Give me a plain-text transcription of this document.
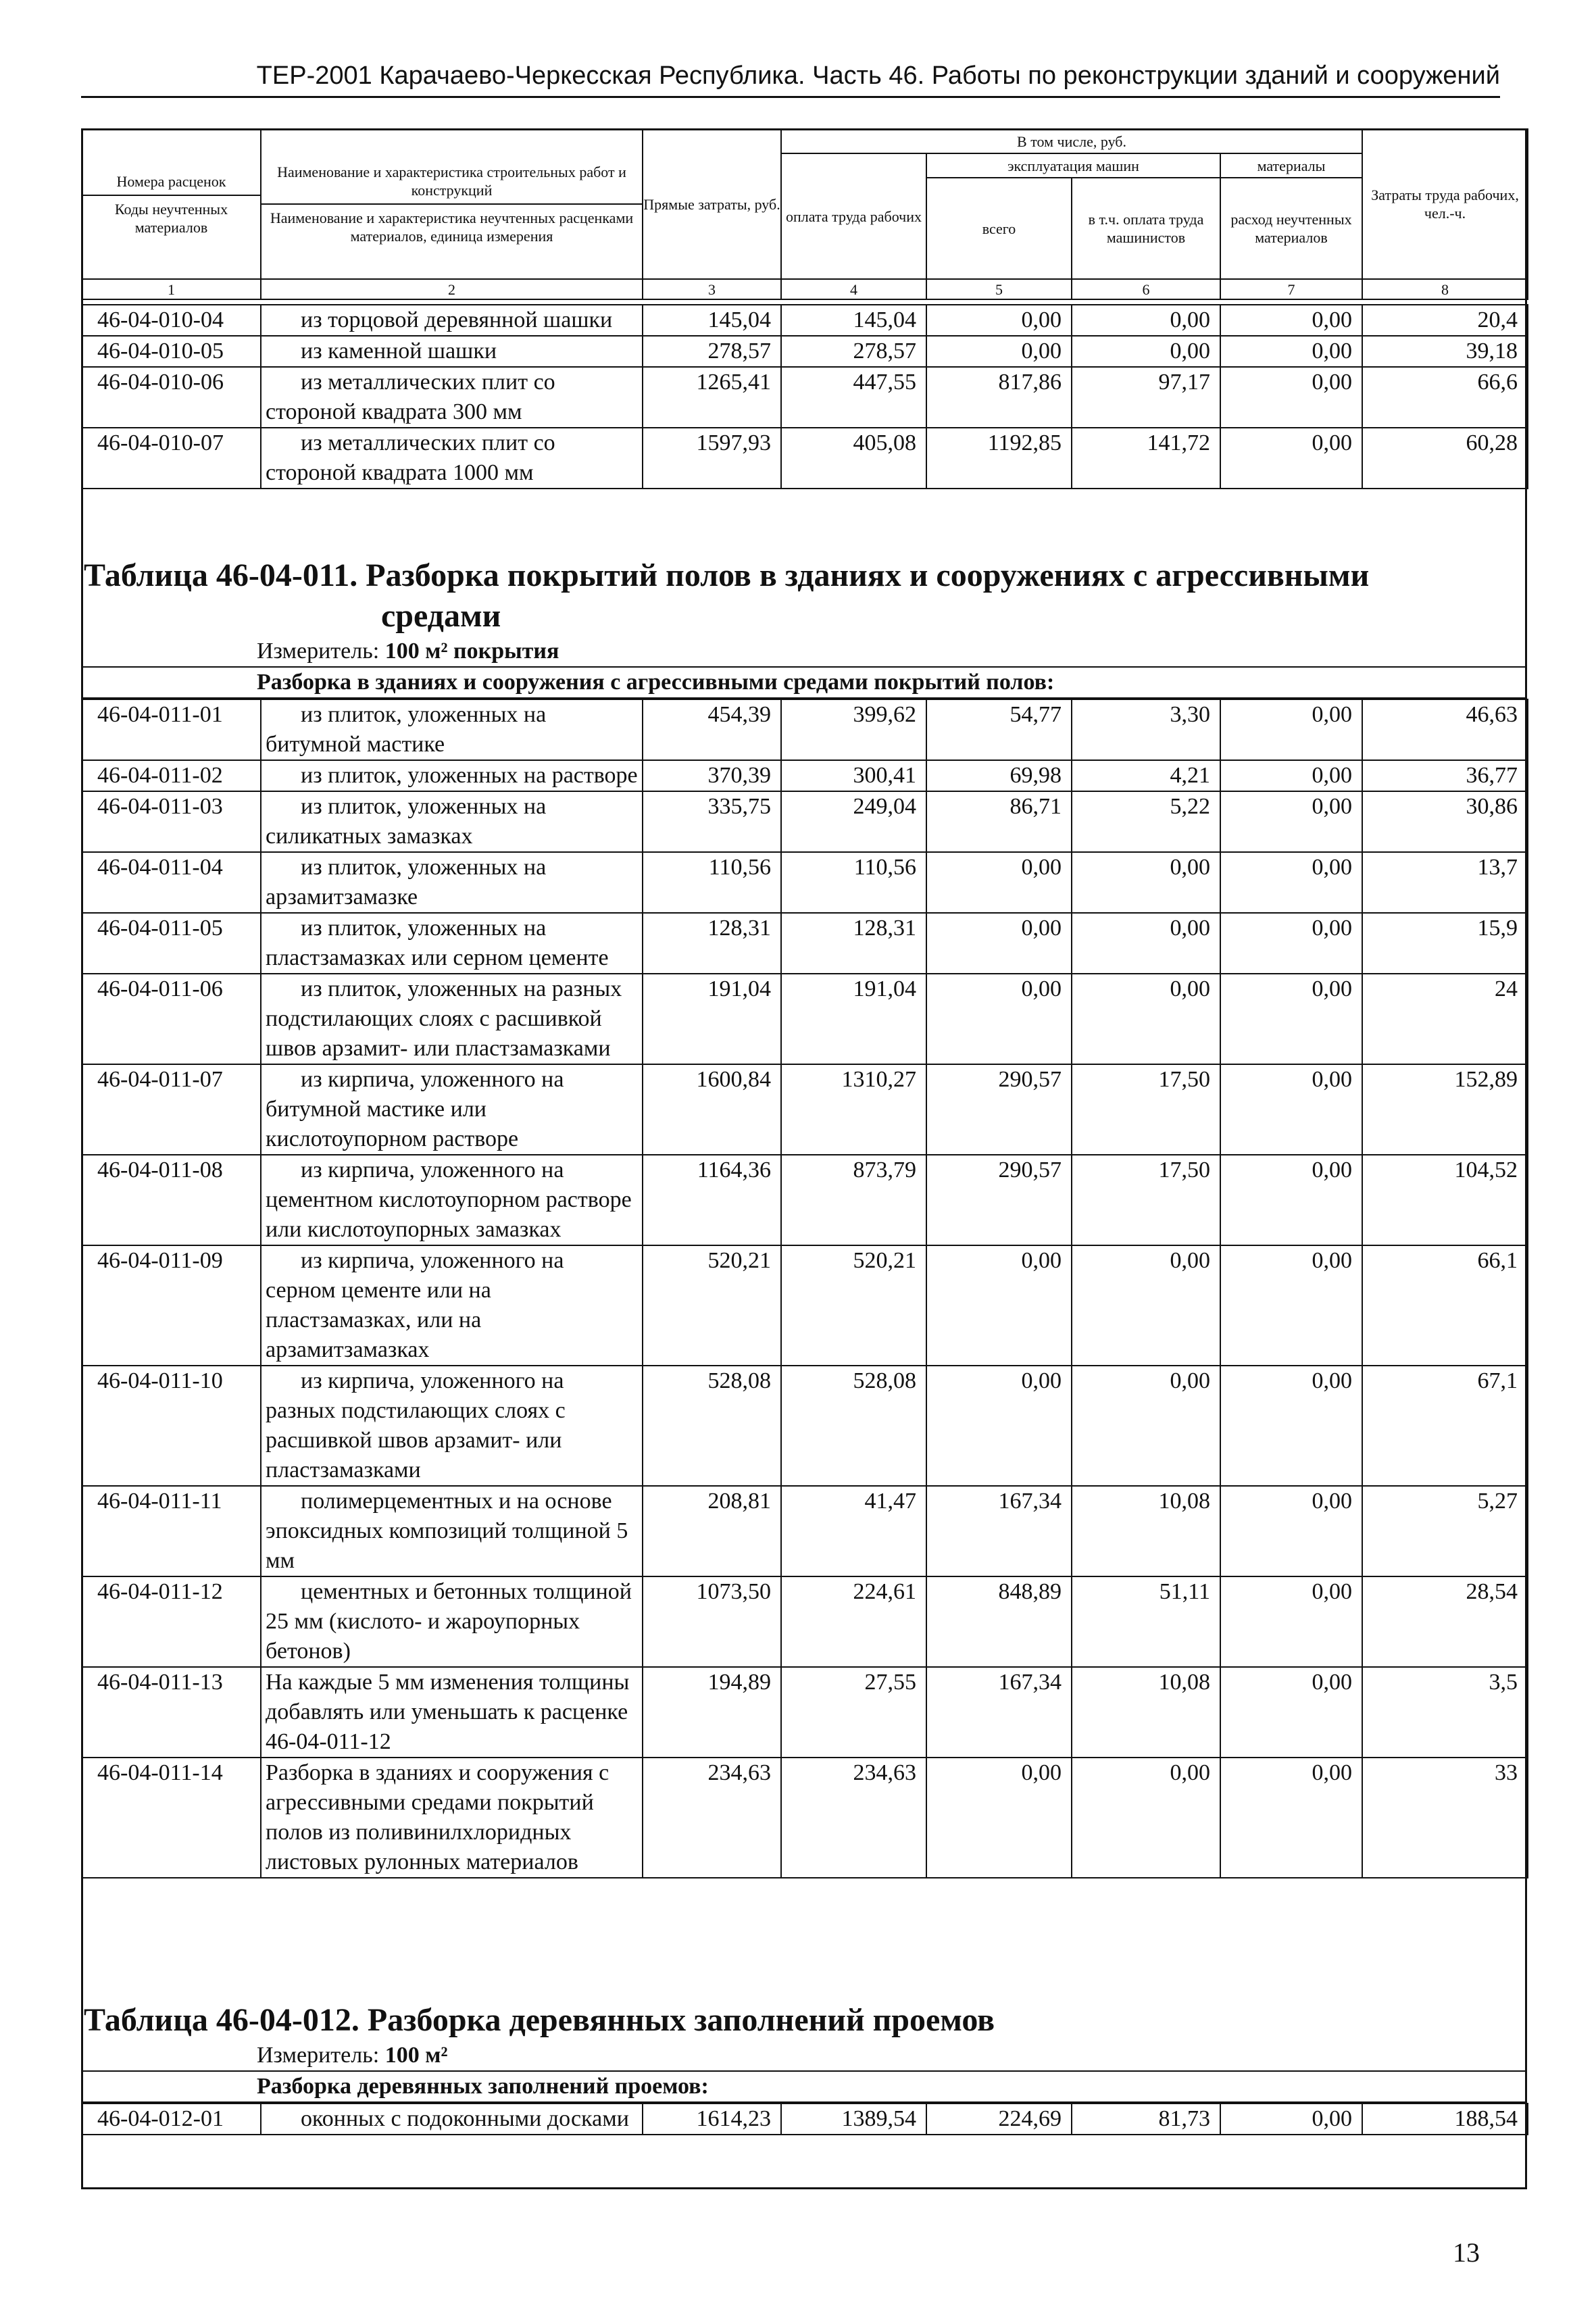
ТЕР-2001 Карачаево-Черкесская Республика. Часть 46. Работы по реконструкции зданий и сооружений
Номера расценок
Коды неучтенных материалов	Наименование и характеристика строительных работ и конструкций
Наименование и характеристика неучтенных расценками материалов, единица измерения	Прямые затраты, руб.	В том числе, руб.				Затраты труда рабочих, чел.-ч.
			оплата труда рабочих	эксплуатация машин		материалы	
				всего	в т.ч. оплата труда машинистов	расход неучтенных материалов	
1	2	3	4	5	6	7	8
46-04-010-04	из торцовой деревянной шашки	145,04	145,04	0,00	0,00	0,00	20,4
46-04-010-05	из каменной шашки	278,57	278,57	0,00	0,00	0,00	39,18
46-04-010-06	из металлических плит со стороной квадрата 300 мм	1265,41	447,55	817,86	97,17	0,00	66,6
46-04-010-07	из металлических плит со стороной квадрата 1000 мм	1597,93	405,08	1192,85	141,72	0,00	60,28
Таблица 46-04-011. Разборка покрытий полов в зданиях и сооружениях с агрессивными
средами
Измеритель: 100 м² покрытия
Разборка в зданиях и сооружения с агрессивными средами покрытий полов:
46-04-011-01	из плиток, уложенных на битумной мастике	454,39	399,62	54,77	3,30	0,00	46,63
46-04-011-02	из плиток, уложенных на растворе	370,39	300,41	69,98	4,21	0,00	36,77
46-04-011-03	из плиток, уложенных на силикатных замазках	335,75	249,04	86,71	5,22	0,00	30,86
46-04-011-04	из плиток, уложенных на арзамитзамазке	110,56	110,56	0,00	0,00	0,00	13,7
46-04-011-05	из плиток, уложенных на пластзамазках или серном цементе	128,31	128,31	0,00	0,00	0,00	15,9
46-04-011-06	из плиток, уложенных на разных подстилающих слоях с расшивкой швов арзамит- или пластзамазками	191,04	191,04	0,00	0,00	0,00	24
46-04-011-07	из кирпича, уложенного на битумной мастике или кислотоупорном растворе	1600,84	1310,27	290,57	17,50	0,00	152,89
46-04-011-08	из кирпича, уложенного на цементном кислотоупорном растворе или кислотоупорных замазках	1164,36	873,79	290,57	17,50	0,00	104,52
46-04-011-09	из кирпича, уложенного на серном цементе или на пластзамазках, или на арзамитзамазках	520,21	520,21	0,00	0,00	0,00	66,1
46-04-011-10	из кирпича, уложенного на разных подстилающих слоях с расшивкой швов арзамит- или пластзамазками	528,08	528,08	0,00	0,00	0,00	67,1
46-04-011-11	полимерцементных и на основе эпоксидных композиций толщиной 5 мм	208,81	41,47	167,34	10,08	0,00	5,27
46-04-011-12	цементных и бетонных толщиной 25 мм (кислото- и жароупорных бетонов)	1073,50	224,61	848,89	51,11	0,00	28,54
46-04-011-13	На каждые 5 мм изменения толщины добавлять или уменьшать к расценке 46-04-011-12	194,89	27,55	167,34	10,08	0,00	3,5
46-04-011-14	Разборка в зданиях и сооружения с агрессивными средами покрытий полов из поливинилхлоридных листовых рулонных материалов	234,63	234,63	0,00	0,00	0,00	33
Таблица 46-04-012. Разборка деревянных заполнений проемов
Измеритель: 100 м²
Разборка деревянных заполнений проемов:
46-04-012-01	оконных с подоконными досками	1614,23	1389,54	224,69	81,73	0,00	188,54
13
